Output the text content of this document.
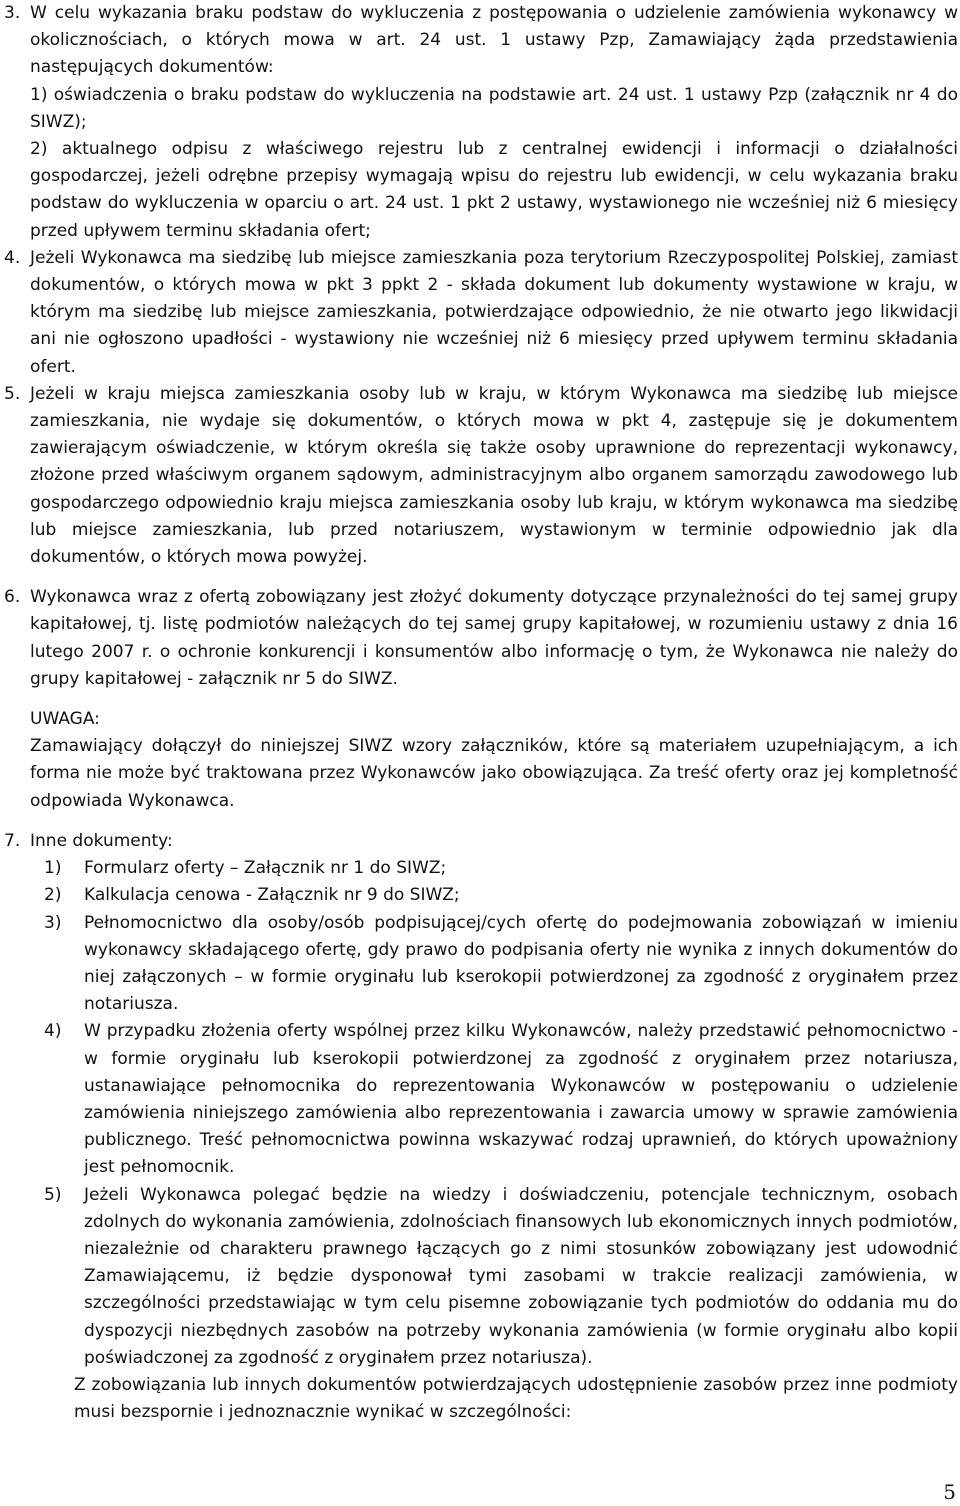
3. W celu wykazania braku podstaw do wykluczenia z postępowania o udzielenie zamówienia wykonawcy w okolicznościach, o których mowa w art. 24 ust. 1 ustawy Pzp, Zamawiający żąda przedstawienia następujących dokumentów:
1) oświadczenia o braku podstaw do wykluczenia na podstawie art. 24 ust. 1 ustawy Pzp (załącznik nr 4 do SIWZ);
2) aktualnego odpisu z właściwego rejestru lub z centralnej ewidencji i informacji o działalności gospodarczej, jeżeli odrębne przepisy wymagają wpisu do rejestru lub ewidencji, w celu wykazania braku podstaw do wykluczenia w oparciu o art. 24 ust. 1 pkt 2 ustawy, wystawionego nie wcześniej niż 6 miesięcy przed upływem terminu składania ofert;
4. Jeżeli Wykonawca ma siedzibę lub miejsce zamieszkania poza terytorium Rzeczypospolitej Polskiej, zamiast dokumentów, o których mowa w pkt 3 ppkt 2 - składa dokument lub dokumenty wystawione w kraju, w którym ma siedzibę lub miejsce zamieszkania, potwierdzające odpowiednio, że nie otwarto jego likwidacji ani nie ogłoszono upadłości - wystawiony nie wcześniej niż 6 miesięcy przed upływem terminu składania ofert.
5. Jeżeli w kraju miejsca zamieszkania osoby lub w kraju, w którym Wykonawca ma siedzibę lub miejsce zamieszkania, nie wydaje się dokumentów, o których mowa w pkt 4, zastępuje się je dokumentem zawierającym oświadczenie, w którym określa się także osoby uprawnione do reprezentacji wykonawcy, złożone przed właściwym organem sądowym, administracyjnym albo organem samorządu zawodowego lub gospodarczego odpowiednio kraju miejsca zamieszkania osoby lub kraju, w którym wykonawca ma siedzibę lub miejsce zamieszkania, lub przed notariuszem, wystawionym w terminie odpowiednio jak dla dokumentów, o których mowa powyżej.
6. Wykonawca wraz z ofertą zobowiązany jest złożyć dokumenty dotyczące przynależności do tej samej grupy kapitałowej, tj. listę podmiotów należących do tej samej grupy kapitałowej, w rozumieniu ustawy z dnia 16 lutego 2007 r. o ochronie konkurencji i konsumentów albo informację o tym, że Wykonawca nie należy do grupy kapitałowej - załącznik nr 5 do SIWZ.
UWAGA:
Zamawiający dołączył do niniejszej SIWZ wzory załączników, które są materiałem uzupełniającym, a ich forma nie może być traktowana przez Wykonawców jako obowiązująca. Za treść oferty oraz jej kompletność odpowiada Wykonawca.
7. Inne dokumenty:
1)	Formularz oferty – Załącznik nr 1 do SIWZ;
2)	Kalkulacja cenowa - Załącznik nr 9 do SIWZ;
3)	Pełnomocnictwo dla osoby/osób podpisującej/cych ofertę do podejmowania zobowiązań w imieniu wykonawcy składającego ofertę, gdy prawo do podpisania oferty nie wynika z innych dokumentów do niej załączonych – w formie oryginału lub kserokopii potwierdzonej za zgodność z oryginałem przez notariusza.
4)	W przypadku złożenia oferty wspólnej przez kilku Wykonawców, należy przedstawić pełnomocnictwo - w formie oryginału lub kserokopii potwierdzonej za zgodność z oryginałem przez notariusza, ustanawiające pełnomocnika do reprezentowania Wykonawców w postępowaniu o udzielenie zamówienia niniejszego zamówienia albo reprezentowania i zawarcia umowy w sprawie zamówienia publicznego. Treść pełnomocnictwa powinna wskazywać rodzaj uprawnień, do których upoważniony jest pełnomocnik.
5)	Jeżeli Wykonawca polegać będzie na wiedzy i doświadczeniu, potencjale technicznym, osobach zdolnych do wykonania zamówienia, zdolnościach finansowych lub ekonomicznych innych podmiotów, niezależnie od charakteru prawnego łączących go z nimi stosunków zobowiązany jest udowodnić Zamawiającemu, iż będzie dysponował tymi zasobami w trakcie realizacji zamówienia, w szczególności przedstawiając w tym celu pisemne zobowiązanie tych podmiotów do oddania mu do dyspozycji niezbędnych zasobów na potrzeby wykonania zamówienia (w formie oryginału albo kopii poświadczonej za zgodność z oryginałem przez notariusza).
Z zobowiązania lub innych dokumentów potwierdzających udostępnienie zasobów przez inne podmioty musi bezspornie i jednoznacznie wynikać w szczególności:
5
